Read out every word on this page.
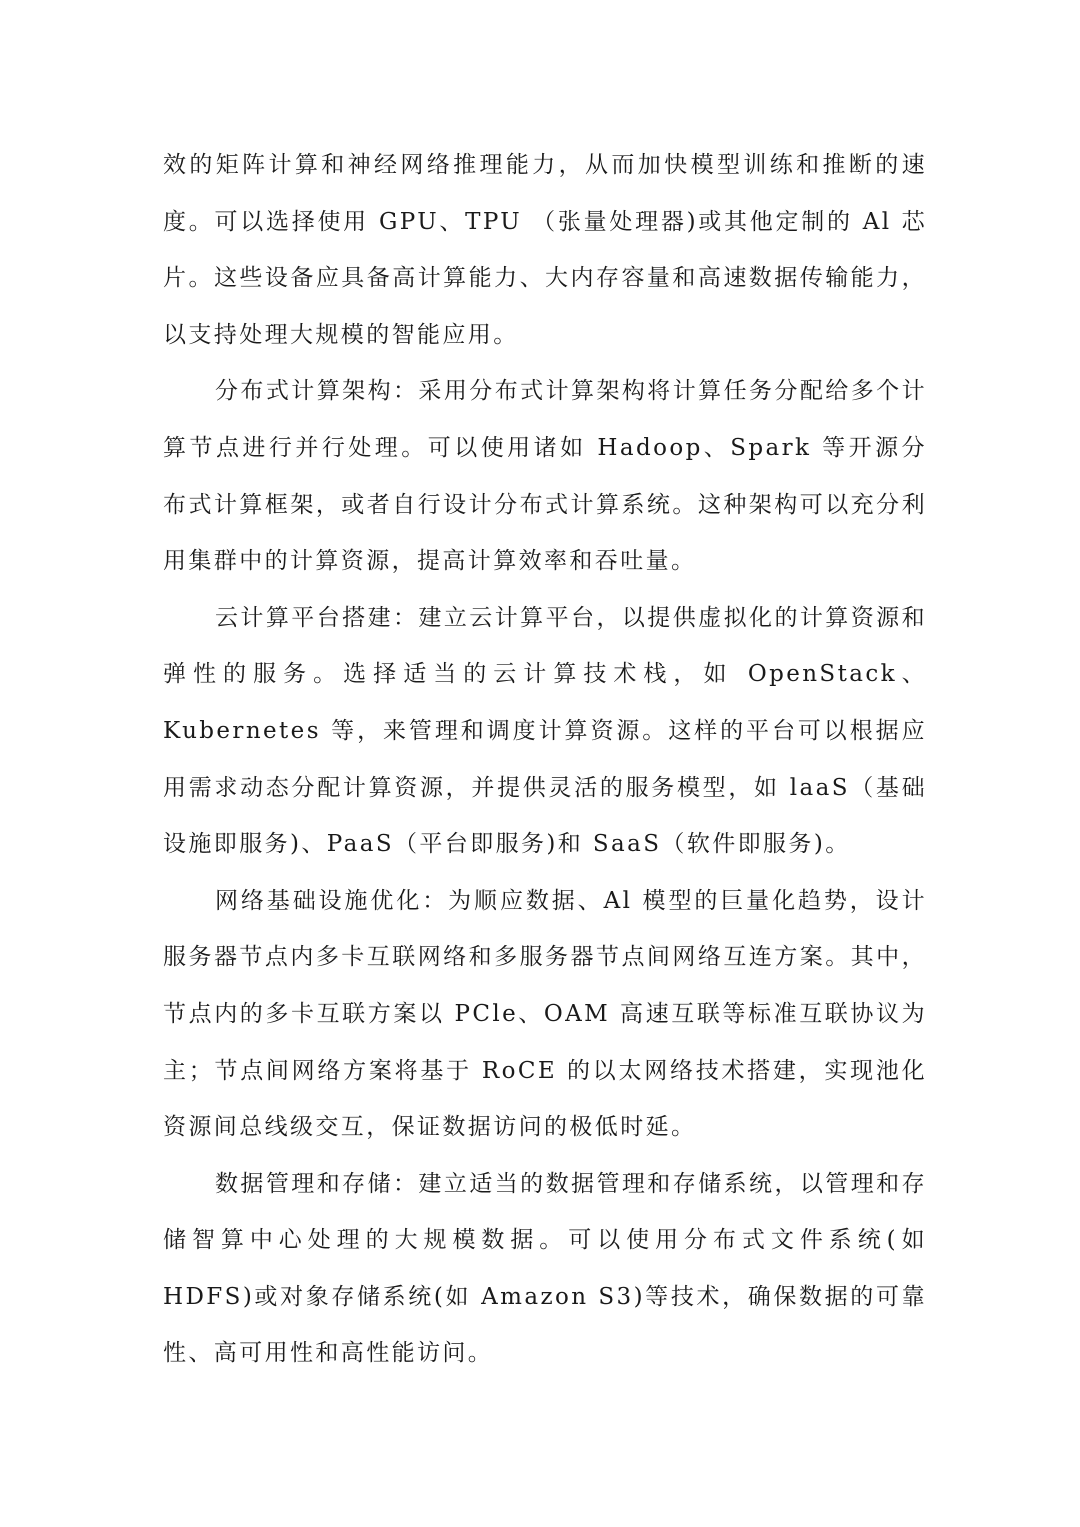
效的矩阵计算和神经网络推理能力，从而加快模型训练和推断的速度。可以选择使用 GPU、TPU （张量处理器)或其他定制的 Al 芯片。这些设备应具备高计算能力、大内存容量和高速数据传输能力，以支持处理大规模的智能应用。

分布式计算架构：采用分布式计算架构将计算任务分配给多个计算节点进行并行处理。可以使用诸如 Hadoop、Spark 等开源分布式计算框架，或者自行设计分布式计算系统。这种架构可以充分利用集群中的计算资源，提高计算效率和吞吐量。

云计算平台搭建：建立云计算平台，以提供虚拟化的计算资源和弹性的服务。选择适当的云计算技术栈，如 OpenStack、Kubernetes 等，来管理和调度计算资源。这样的平台可以根据应用需求动态分配计算资源，并提供灵活的服务模型，如 laaS（基础设施即服务)、PaaS（平台即服务)和 SaaS（软件即服务)。

网络基础设施优化：为顺应数据、Al 模型的巨量化趋势，设计服务器节点内多卡互联网络和多服务器节点间网络互连方案。其中，节点内的多卡互联方案以 PCle、OAM 高速互联等标准互联协议为主；节点间网络方案将基于 RoCE 的以太网络技术搭建，实现池化资源间总线级交互，保证数据访问的极低时延。

数据管理和存储：建立适当的数据管理和存储系统，以管理和存储智算中心处理的大规模数据。可以使用分布式文件系统(如 HDFS)或对象存储系统(如 Amazon S3)等技术，确保数据的可靠性、高可用性和高性能访问。
